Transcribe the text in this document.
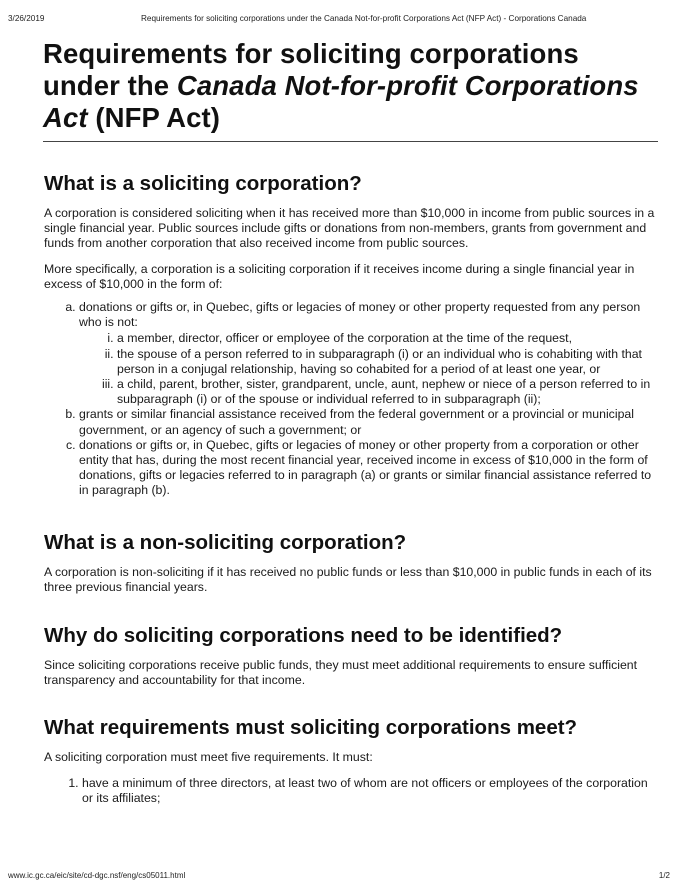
3/26/2019	Requirements for soliciting corporations under the Canada Not-for-profit Corporations Act (NFP Act) - Corporations Canada
Requirements for soliciting corporations under the Canada Not-for-profit Corporations Act (NFP Act)
What is a soliciting corporation?

A corporation is considered soliciting when it has received more than $10,000 in income from public sources in a single financial year. Public sources include gifts or donations from non-members, grants from government and funds from another corporation that also received income from public sources.

More specifically, a corporation is a soliciting corporation if it receives income during a single financial year in excess of $10,000 in the form of:

a. donations or gifts or, in Quebec, gifts or legacies of money or other property requested from any person who is not:
i. a member, director, officer or employee of the corporation at the time of the request,
ii. the spouse of a person referred to in subparagraph (i) or an individual who is cohabiting with that person in a conjugal relationship, having so cohabited for a period of at least one year, or
iii. a child, parent, brother, sister, grandparent, uncle, aunt, nephew or niece of a person referred to in subparagraph (i) or of the spouse or individual referred to in subparagraph (ii);
b. grants or similar financial assistance received from the federal government or a provincial or municipal government, or an agency of such a government; or
c. donations or gifts or, in Quebec, gifts or legacies of money or other property from a corporation or other entity that has, during the most recent financial year, received income in excess of $10,000 in the form of donations, gifts or legacies referred to in paragraph (a) or grants or similar financial assistance referred to in paragraph (b).
What is a non-soliciting corporation?

A corporation is non-soliciting if it has received no public funds or less than $10,000 in public funds in each of its three previous financial years.

Why do soliciting corporations need to be identified?

Since soliciting corporations receive public funds, they must meet additional requirements to ensure sufficient transparency and accountability for that income.

What requirements must soliciting corporations meet?

A soliciting corporation must meet five requirements. It must:

1. have a minimum of three directors, at least two of whom are not officers or employees of the corporation or its affiliates;
www.ic.gc.ca/eic/site/cd-dgc.nsf/eng/cs05011.html	1/2
